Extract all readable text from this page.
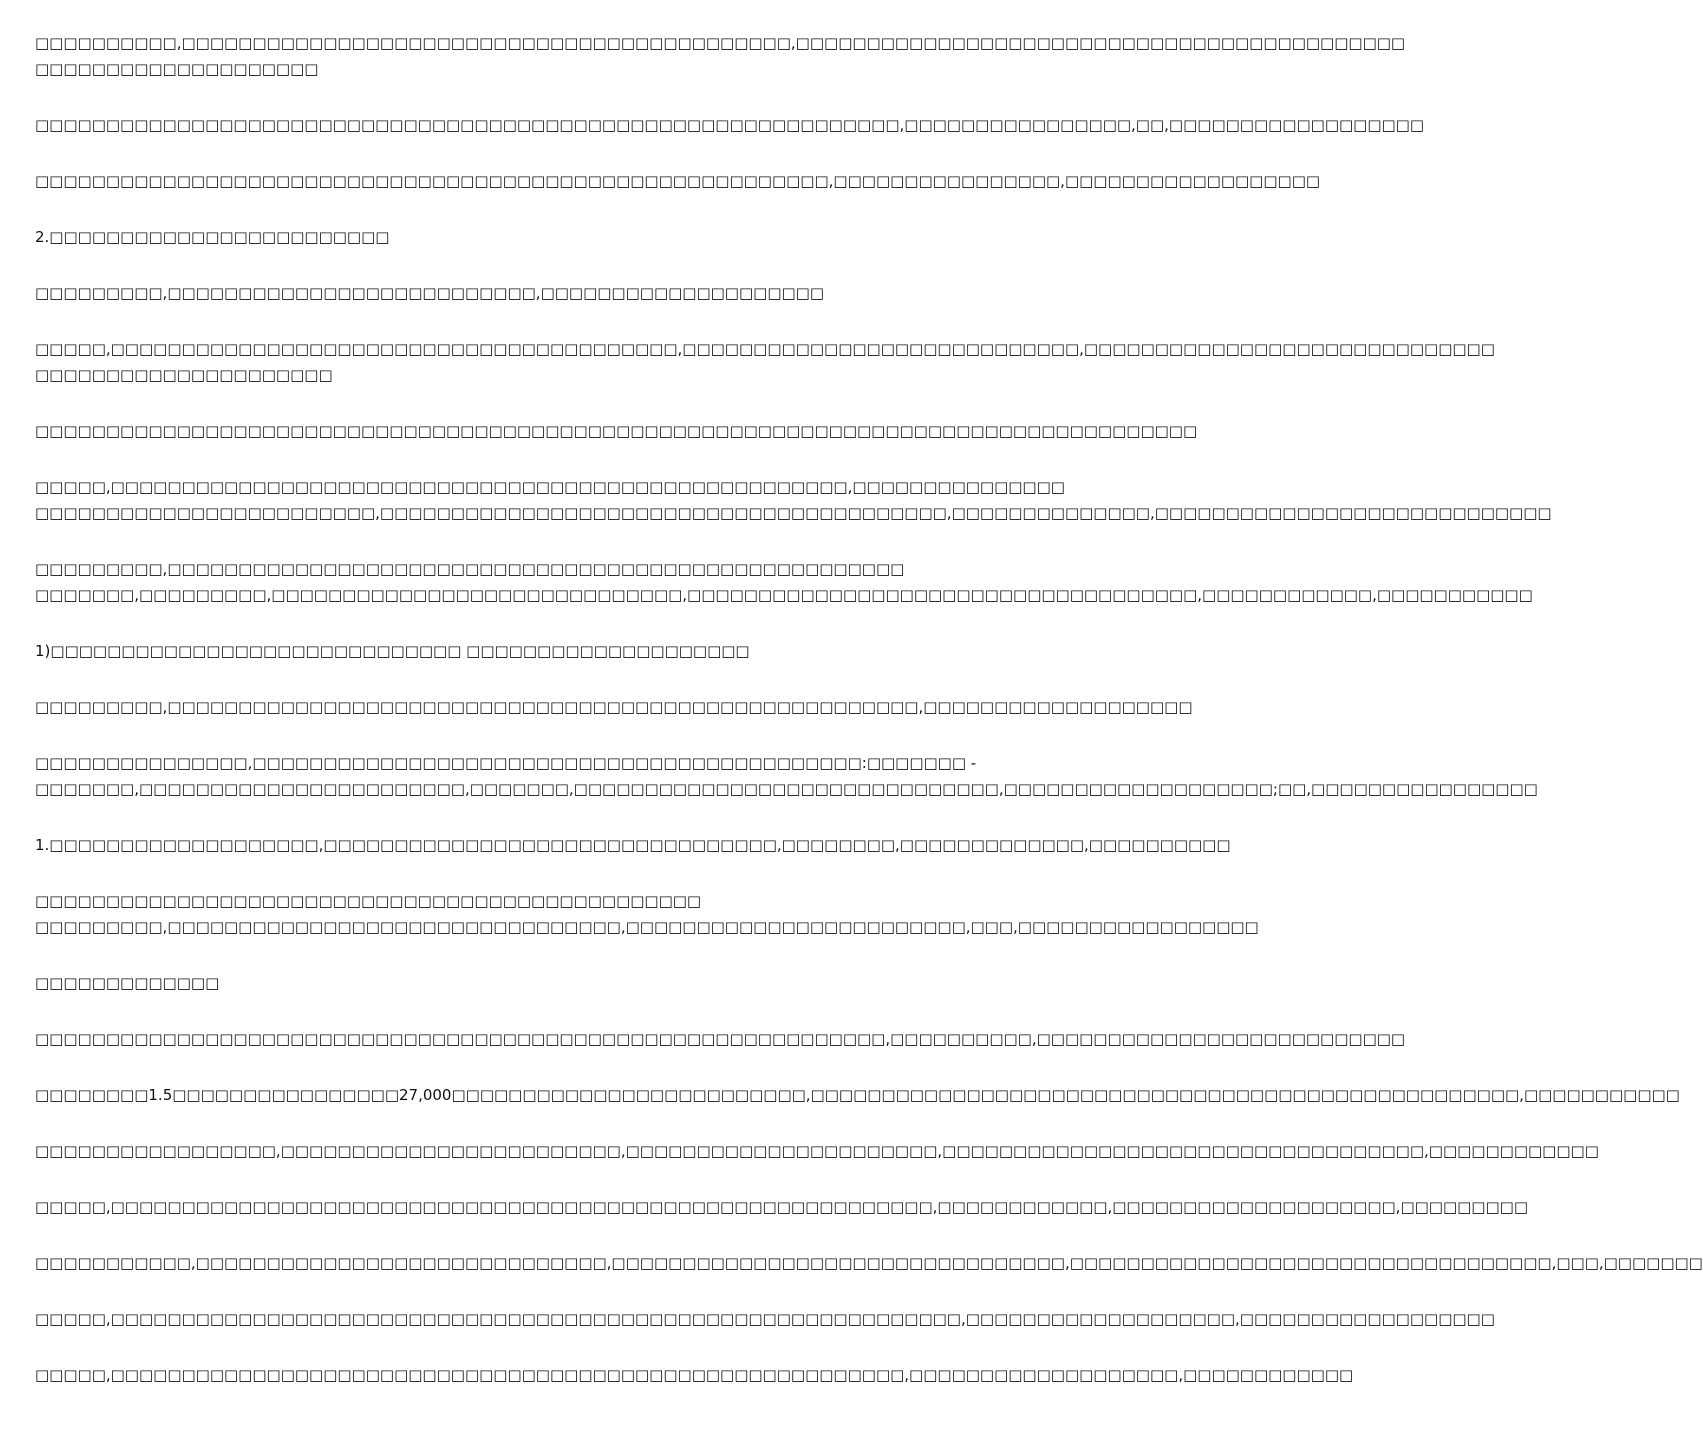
□□□□□□□□□□,□□□□□□□□□□□□□□□□□□□□□□□□□□□□□□□□□□□□□□□□□□□,□□□□□□□□□□□□□□□□□□□□□□□□□□□□□□□□□□□□□□□□□□□
□□□□□□□□□□□□□□□□□□□□

□□□□□□□□□□□□□□□□□□□□□□□□□□□□□□□□□□□□□□□□□□□□□□□□□□□□□□□□□□□□□,□□□□□□□□□□□□□□□□,□□,□□□□□□□□□□□□□□□□□□

□□□□□□□□□□□□□□□□□□□□□□□□□□□□□□□□□□□□□□□□□□□□□□□□□□□□□□□□,□□□□□□□□□□□□□□□□,□□□□□□□□□□□□□□□□□□

2.□□□□□□□□□□□□□□□□□□□□□□□□

□□□□□□□□□,□□□□□□□□□□□□□□□□□□□□□□□□□□,□□□□□□□□□□□□□□□□□□□□

□□□□□,□□□□□□□□□□□□□□□□□□□□□□□□□□□□□□□□□□□□□□□□,□□□□□□□□□□□□□□□□□□□□□□□□□□□□,□□□□□□□□□□□□□□□□□□□□□□□□□□□□□
□□□□□□□□□□□□□□□□□□□□□

□□□□□□□□□□□□□□□□□□□□□□□□□□□□□□□□□□□□□□□□□□□□□□□□□□□□□□□□□□□□□□□□□□□□□□□□□□□□□□□□□□

□□□□□,□□□□□□□□□□□□□□□□□□□□□□□□□□□□□□□□□□□□□□□□□□□□□□□□□□□□,□□□□□□□□□□□□□□□
□□□□□□□□□□□□□□□□□□□□□□□□,□□□□□□□□□□□□□□□□□□□□□□□□□□□□□□□□□□□□□□□□,□□□□□□□□□□□□□□,□□□□□□□□□□□□□□□□□□□□□□□□□□□□

□□□□□□□□□,□□□□□□□□□□□□□□□□□□□□□□□□□□□□□□□□□□□□□□□□□□□□□□□□□□□□
□□□□□□□,□□□□□□□□□,□□□□□□□□□□□□□□□□□□□□□□□□□□□□□,□□□□□□□□□□□□□□□□□□□□□□□□□□□□□□□□□□□□,□□□□□□□□□□□□,□□□□□□□□□□□

1)□□□□□□□□□□□□□□□□□□□□□□□□□□□□□ □□□□□□□□□□□□□□□□□□□□

□□□□□□□□□,□□□□□□□□□□□□□□□□□□□□□□□□□□□□□□□□□□□□□□□□□□□□□□□□□□□□□,□□□□□□□□□□□□□□□□□□□

□□□□□□□□□□□□□□□,□□□□□□□□□□□□□□□□□□□□□□□□□□□□□□□□□□□□□□□□□□□:□□□□□□□ -
□□□□□□□,□□□□□□□□□□□□□□□□□□□□□□□,□□□□□□□,□□□□□□□□□□□□□□□□□□□□□□□□□□□□□□,□□□□□□□□□□□□□□□□□□□;□□,□□□□□□□□□□□□□□□□

1.□□□□□□□□□□□□□□□□□□□,□□□□□□□□□□□□□□□□□□□□□□□□□□□□□□□□,□□□□□□□□,□□□□□□□□□□□□□,□□□□□□□□□□

□□□□□□□□□□□□□□□□□□□□□□□□□□□□□□□□□□□□□□□□□□□□□□□
□□□□□□□□□,□□□□□□□□□□□□□□□□□□□□□□□□□□□□□□□□,□□□□□□□□□□□□□□□□□□□□□□□□,□□□,□□□□□□□□□□□□□□□□□

□□□□□□□□□□□□□

□□□□□□□□□□□□□□□□□□□□□□□□□□□□□□□□□□□□□□□□□□□□□□□□□□□□□□□□□□□□,□□□□□□□□□□,□□□□□□□□□□□□□□□□□□□□□□□□□□

□□□□□□□□1.5□□□□□□□□□□□□□□□□27,000□□□□□□□□□□□□□□□□□□□□□□□□□,□□□□□□□□□□□□□□□□□□□□□□□□□□□□□□□□□□□□□□□□□□□□□□□□□□,□□□□□□□□□□□

□□□□□□□□□□□□□□□□□,□□□□□□□□□□□□□□□□□□□□□□□□,□□□□□□□□□□□□□□□□□□□□□□,□□□□□□□□□□□□□□□□□□□□□□□□□□□□□□□□□□,□□□□□□□□□□□□

□□□□□,□□□□□□□□□□□□□□□□□□□□□□□□□□□□□□□□□□□□□□□□□□□□□□□□□□□□□□□□□□,□□□□□□□□□□□□,□□□□□□□□□□□□□□□□□□□□,□□□□□□□□□

□□□□□□□□□□□,□□□□□□□□□□□□□□□□□□□□□□□□□□□□□,□□□□□□□□□□□□□□□□□□□□□□□□□□□□□□□□,□□□□□□□□□□□□□□□□□□□□□□□□□□□□□□□□□□,□□□,□□□□□□□

□□□□□,□□□□□□□□□□□□□□□□□□□□□□□□□□□□□□□□□□□□□□□□□□□□□□□□□□□□□□□□□□□□,□□□□□□□□□□□□□□□□□□□,□□□□□□□□□□□□□□□□□□

□□□□□,□□□□□□□□□□□□□□□□□□□□□□□□□□□□□□□□□□□□□□□□□□□□□□□□□□□□□□□□,□□□□□□□□□□□□□□□□□□□,□□□□□□□□□□□□
